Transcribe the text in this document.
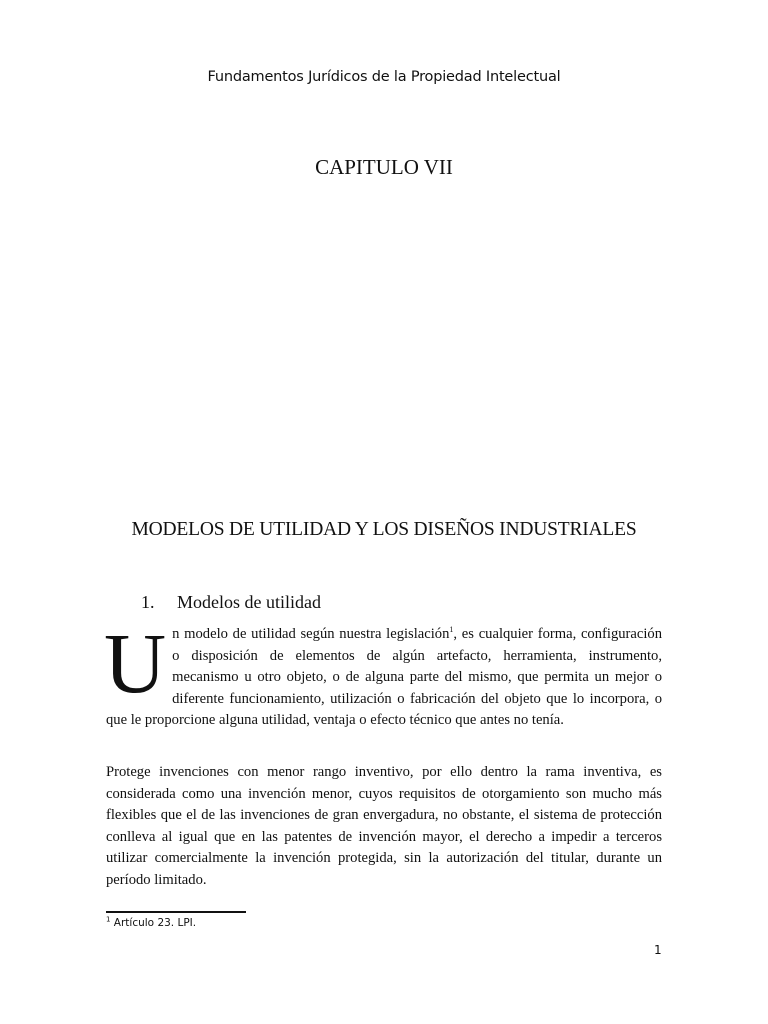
Fundamentos Jurídicos de la Propiedad Intelectual
CAPITULO VII
MODELOS DE UTILIDAD Y LOS DISEÑOS INDUSTRIALES
1. Modelos de utilidad
U n modelo de utilidad según nuestra legislación$^1$, es cualquier forma, configuración o disposición de elementos de algún artefacto, herramienta, instrumento, mecanismo u otro objeto, o de alguna parte del mismo, que permita un mejor o diferente funcionamiento, utilización o fabricación del objeto que lo incorpora, o que le proporcione alguna utilidad, ventaja o efecto técnico que antes no tenía.

Protege invenciones con menor rango inventivo, por ello dentro la rama inventiva, es considerada como una invención menor, cuyos requisitos de otorgamiento son mucho más flexibles que el de las invenciones de gran envergadura, no obstante, el sistema de protección conlleva al igual que en las patentes de invención mayor, el derecho a impedir a terceros utilizar comercialmente la invención protegida, sin la autorización del titular, durante un período limitado.

$^1$ Artículo 23. LPI.
1
